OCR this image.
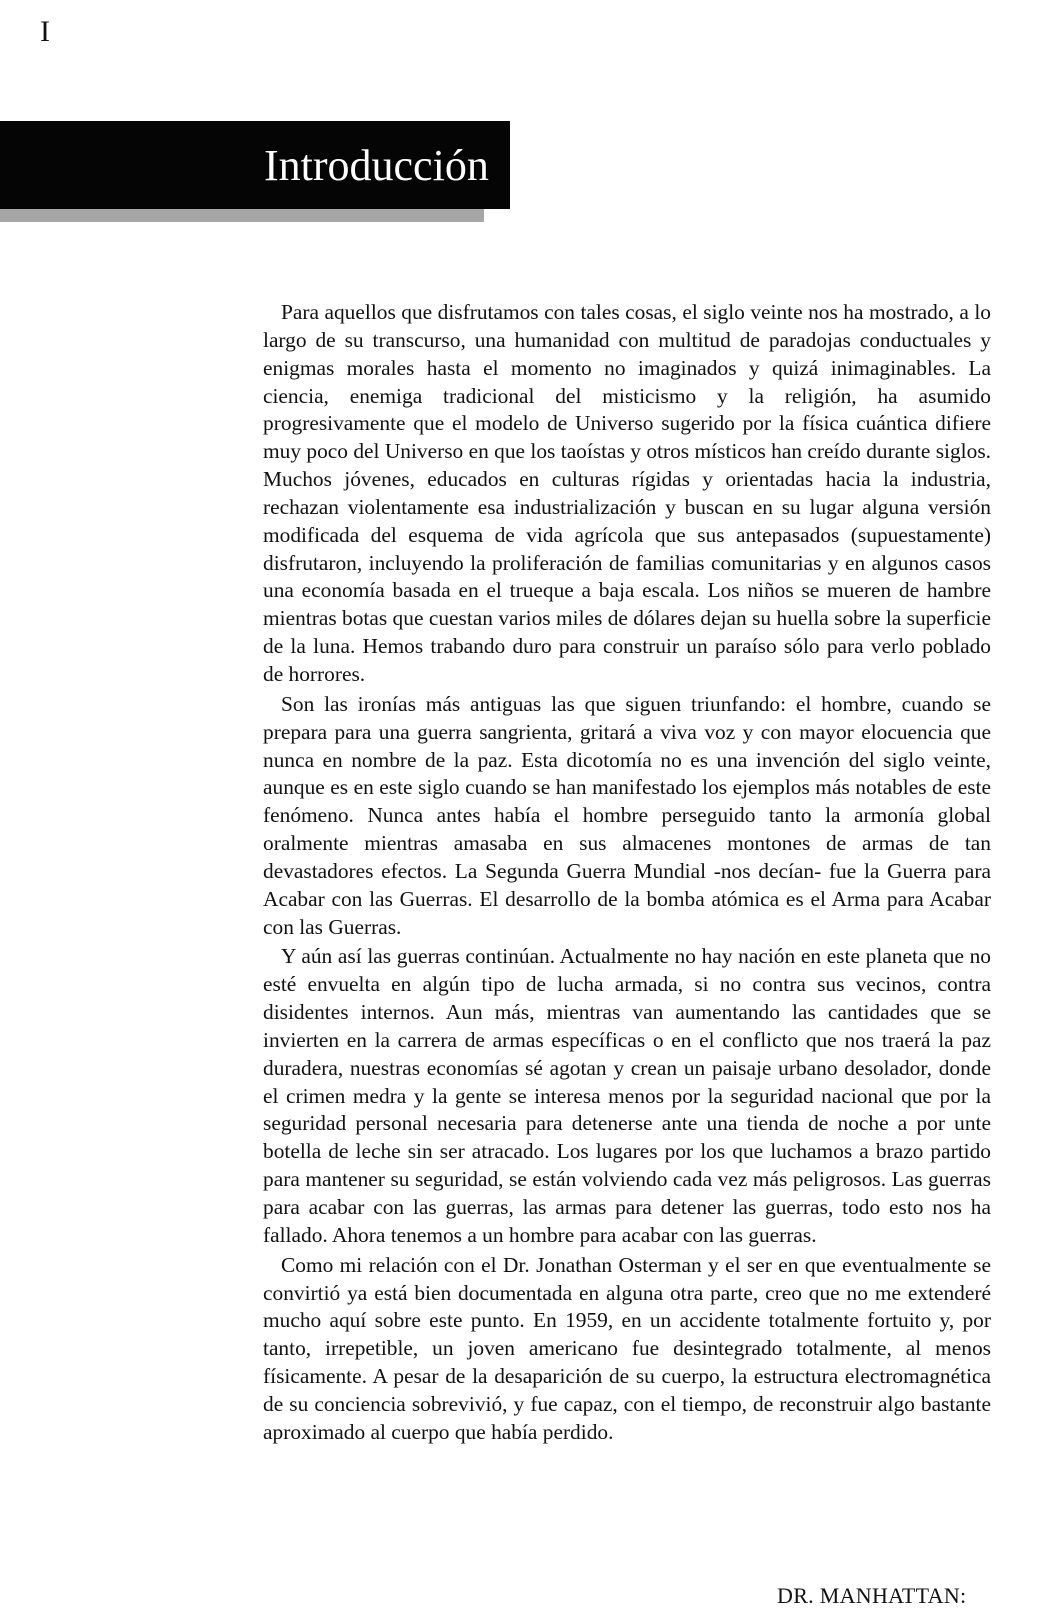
I
Introducción

Para aquellos que disfrutamos con tales cosas, el siglo veinte nos ha mostrado, a lo largo de su transcurso, una humanidad con multitud de paradojas conductuales y enigmas morales hasta el momento no imaginados y quizá inimaginables. La ciencia, enemiga tradicional del misticismo y la religión, ha asumido progresivamente que el modelo de Universo sugerido por la física cuántica difiere muy poco del Universo en que los taoístas y otros místicos han creído durante siglos. Muchos jóvenes, educados en culturas rígidas y orientadas hacia la industria, rechazan violentamente esa industrialización y buscan en su lugar alguna versión modificada del esquema de vida agrícola que sus antepasados (supuestamente) disfrutaron, incluyendo la proliferación de familias comunitarias y en algunos casos una economía basada en el trueque a baja escala. Los niños se mueren de hambre mientras botas que cuestan varios miles de dólares dejan su huella sobre la superficie de la luna. Hemos trabando duro para construir un paraíso sólo para verlo poblado de horrores.

Son las ironías más antiguas las que siguen triunfando: el hombre, cuando se prepara para una guerra sangrienta, gritará a viva voz y con mayor elocuencia que nunca en nombre de la paz. Esta dicotomía no es una invención del siglo veinte, aunque es en este siglo cuando se han manifestado los ejemplos más notables de este fenómeno. Nunca antes había el hombre perseguido tanto la armonía global oralmente mientras amasaba en sus almacenes montones de armas de tan devastadores efectos. La Segunda Guerra Mundial -nos decían- fue la Guerra para Acabar con las Guerras. El desarrollo de la bomba atómica es el Arma para Acabar con las Guerras.

Y aún así las guerras continúan. Actualmente no hay nación en este planeta que no esté envuelta en algún tipo de lucha armada, si no contra sus vecinos, contra disidentes internos. Aun más, mientras van aumentando las cantidades que se invierten en la carrera de armas específicas o en el conflicto que nos traerá la paz duradera, nuestras economías sé agotan y crean un paisaje urbano desolador, donde el crimen medra y la gente se interesa menos por la seguridad nacional que por la seguridad personal necesaria para detenerse ante una tienda de noche a por unte botella de leche sin ser atracado. Los lugares por los que luchamos a brazo partido para mantener su seguridad, se están volviendo cada vez más peligrosos. Las guerras para acabar con las guerras, las armas para detener las guerras, todo esto nos ha fallado. Ahora tenemos a un hombre para acabar con las guerras.

Como mi relación con el Dr. Jonathan Osterman y el ser en que eventualmente se convirtió ya está bien documentada en alguna otra parte, creo que no me extenderé mucho aquí sobre este punto. En 1959, en un accidente totalmente fortuito y, por tanto, irrepetible, un joven americano fue desintegrado totalmente, al menos físicamente. A pesar de la desaparición de su cuerpo, la estructura electromagnética de su conciencia sobrevivió, y fue capaz, con el tiempo, de reconstruir algo bastante aproximado al cuerpo que había perdido.

DR. MANHATTAN:
